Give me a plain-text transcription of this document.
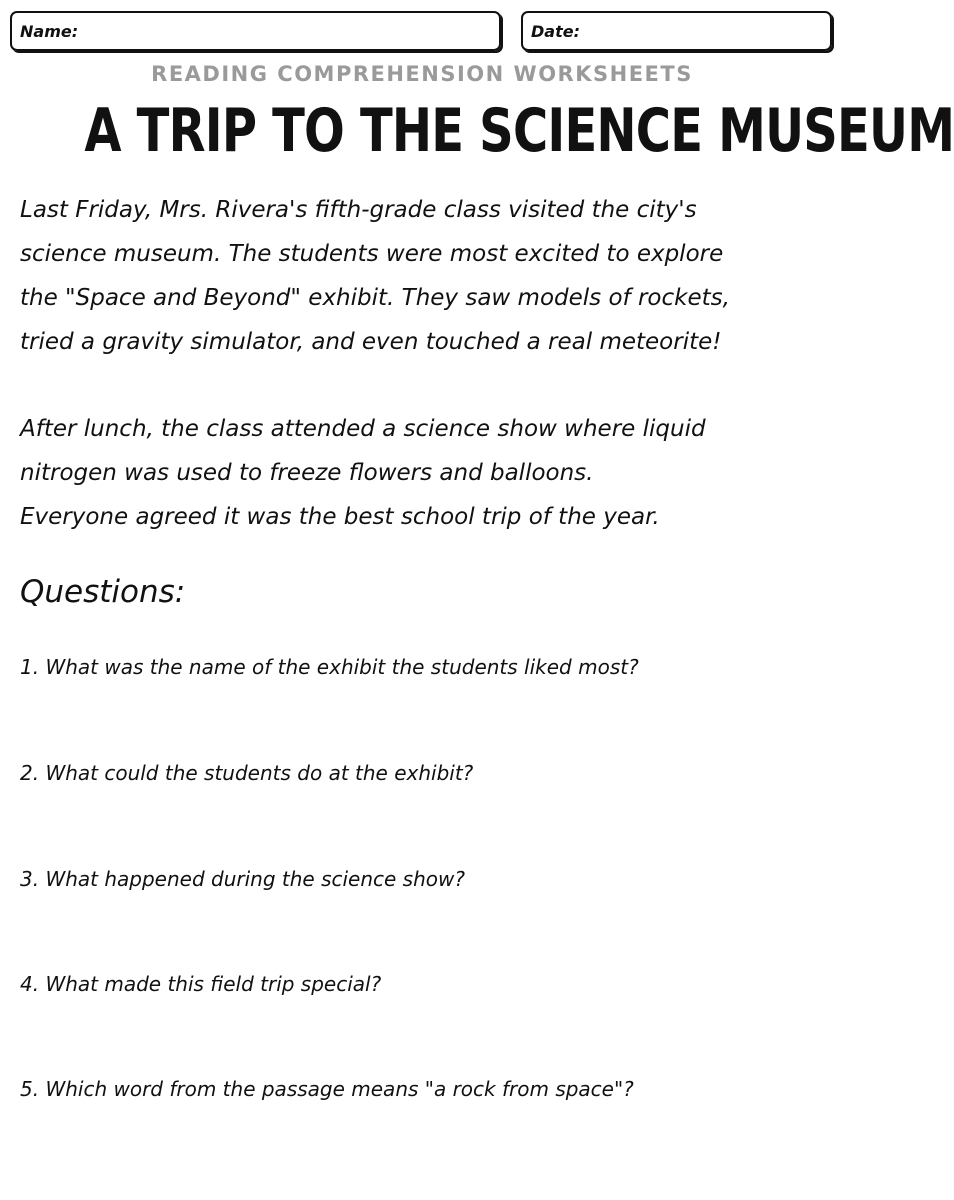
Name:	Date:
READING COMPREHENSION WORKSHEETS
A TRIP TO THE SCIENCE MUSEUM
Last Friday, Mrs. Rivera's fifth-grade class visited the city's
science museum. The students were most excited to explore
the "Space and Beyond" exhibit. They saw models of rockets,
tried a gravity simulator, and even touched a real meteorite!
After lunch, the class attended a science show where liquid
nitrogen was used to freeze flowers and balloons.
Everyone agreed it was the best school trip of the year.
Questions:
1. What was the name of the exhibit the students liked most?
2. What could the students do at the exhibit?
3. What happened during the science show?
4. What made this field trip special?
5. Which word from the passage means "a rock from space"?
